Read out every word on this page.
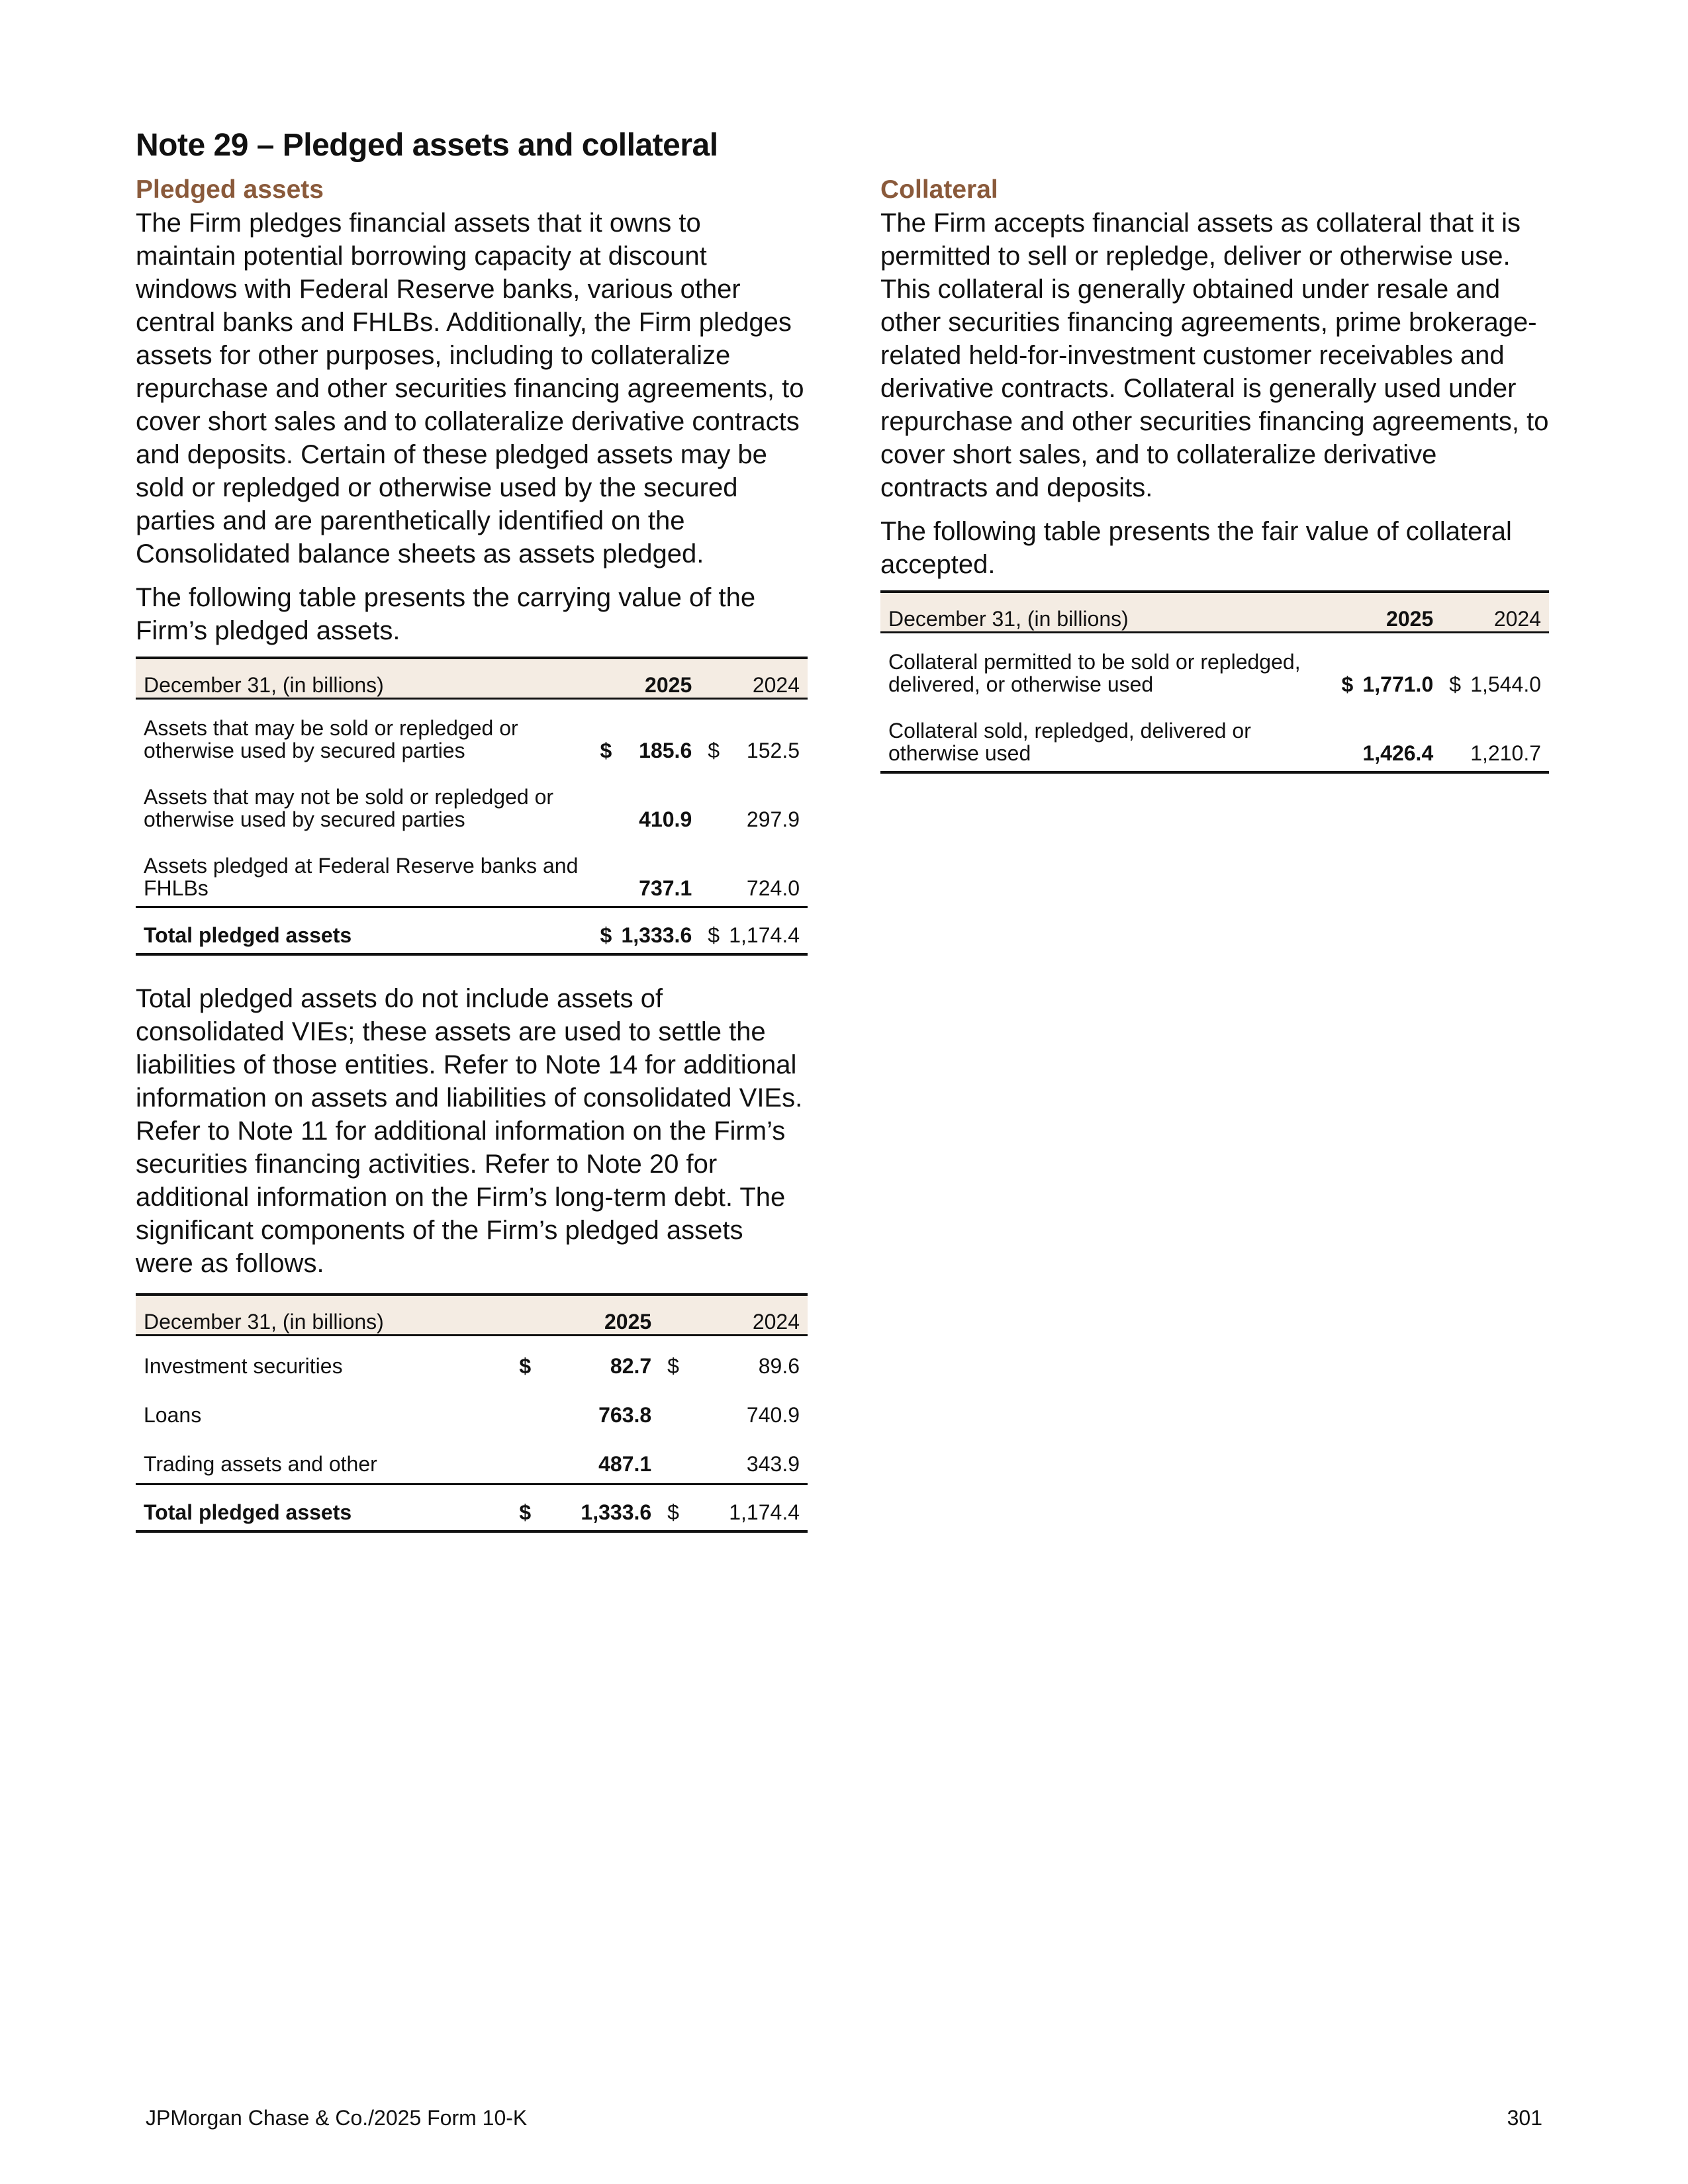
Note 29 – Pledged assets and collateral
Pledged assets

The Firm pledges financial assets that it owns to maintain potential borrowing capacity at discount windows with Federal Reserve banks, various other central banks and FHLBs. Additionally, the Firm pledges assets for other purposes, including to collateralize repurchase and other securities financing agreements, to cover short sales and to collateralize derivative contracts and deposits. Certain of these pledged assets may be sold or repledged or otherwise used by the secured parties and are parenthetically identified on the Consolidated balance sheets as assets pledged.

The following table presents the carrying value of the Firm’s pledged assets.

December 31, (in billions)	2025		2024	
Assets that may be sold or repledged or otherwise used by secured parties	$	185.6	$	152.5
Assets that may not be sold or repledged or otherwise used by secured parties		410.9		297.9
Assets pledged at Federal Reserve banks and FHLBs		737.1		724.0
Total pledged assets	$	1,333.6	$	1,174.4

Total pledged assets do not include assets of consolidated VIEs; these assets are used to settle the liabilities of those entities. Refer to Note 14 for additional information on assets and liabilities of consolidated VIEs. Refer to Note 11 for additional information on the Firm’s securities financing activities. Refer to Note 20 for additional information on the Firm’s long-term debt. The significant components of the Firm’s pledged assets were as follows.

December 31, (in billions)	2025		2024	
Investment securities	$	82.7	$	89.6
Loans		763.8		740.9
Trading assets and other		487.1		343.9
Total pledged assets	$	1,333.6	$	1,174.4
Collateral

The Firm accepts financial assets as collateral that it is permitted to sell or repledge, deliver or otherwise use. This collateral is generally obtained under resale and other securities financing agreements, prime brokerage-related held-for-investment customer receivables and derivative contracts. Collateral is generally used under repurchase and other securities financing agreements, to cover short sales, and to collateralize derivative contracts and deposits.

The following table presents the fair value of collateral accepted.

December 31, (in billions)	2025		2024	
Collateral permitted to be sold or repledged, delivered, or otherwise used	$	1,771.0	$	1,544.0
Collateral sold, repledged, delivered or otherwise used		1,426.4		1,210.7
JPMorgan Chase & Co./2025 Form 10-K	301
